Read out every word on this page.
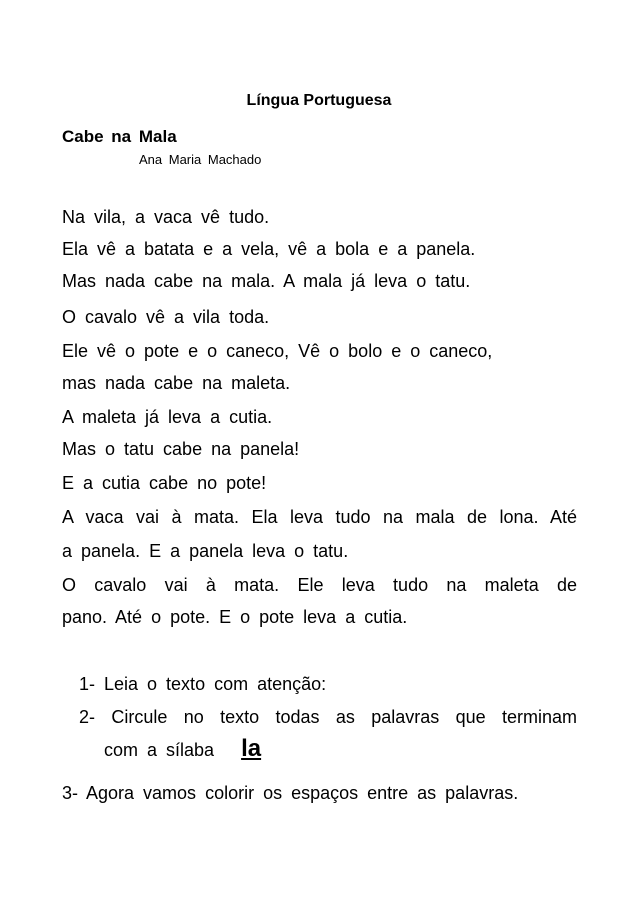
Língua Portuguesa
Cabe na Mala
Ana Maria Machado
Na vila, a vaca vê tudo.
Ela vê a batata e a vela, vê a bola e a panela.
Mas nada cabe na mala. A mala já leva o tatu.
O cavalo vê a vila toda.
Ele vê o pote e o caneco, Vê o bolo e o caneco,
mas nada cabe na maleta.
A maleta já leva a cutia.
Mas o tatu cabe na panela!
E a cutia cabe no pote!
A vaca vai à mata. Ela leva tudo na mala de lona. Até
a panela. E a panela leva o tatu.
O cavalo vai à mata. Ele leva tudo na maleta de
pano. Até o pote. E o pote leva a cutia.
1- Leia o texto com atenção:
2- Circule no texto todas as palavras que terminam
com a sílaba la
3- Agora vamos colorir os espaços entre as palavras.
